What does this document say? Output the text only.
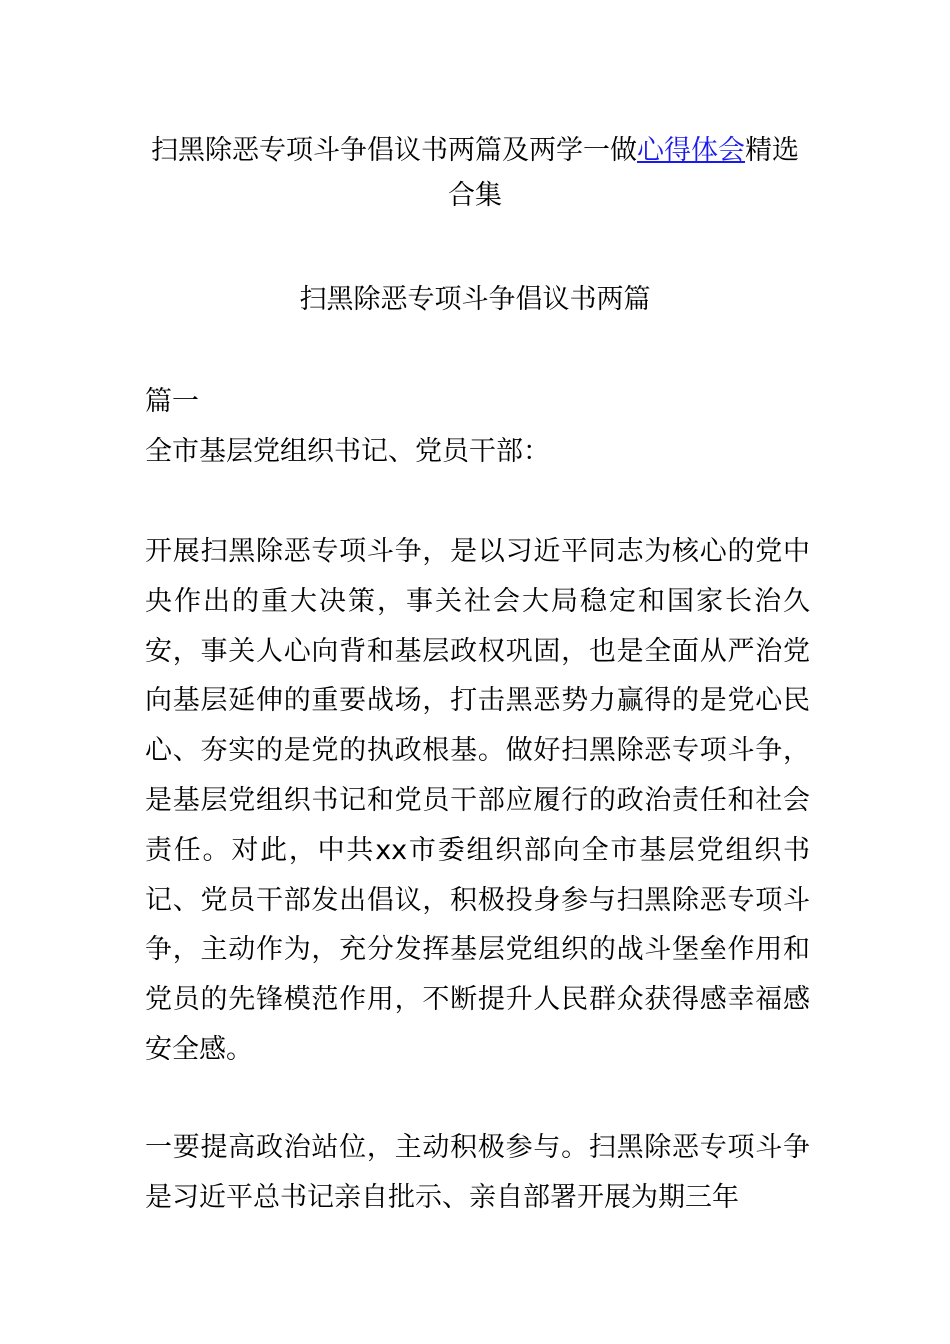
扫黑除恶专项斗争倡议书两篇及两学一做心得体会精选合集
扫黑除恶专项斗争倡议书两篇

篇一

全市基层党组织书记、党员干部：

开展扫黑除恶专项斗争，是以习近平同志为核心的党中央作出的重大决策，事关社会大局稳定和国家长治久安，事关人心向背和基层政权巩固，也是全面从严治党向基层延伸的重要战场，打击黑恶势力赢得的是党心民心、夯实的是党的执政根基。做好扫黑除恶专项斗争，是基层党组织书记和党员干部应履行的政治责任和社会责任。对此，中共xx市委组织部向全市基层党组织书记、党员干部发出倡议，积极投身参与扫黑除恶专项斗争，主动作为，充分发挥基层党组织的战斗堡垒作用和党员的先锋模范作用，不断提升人民群众获得感幸福感安全感。

一要提高政治站位，主动积极参与。扫黑除恶专项斗争是习近平总书记亲自批示、亲自部署开展为期三年
